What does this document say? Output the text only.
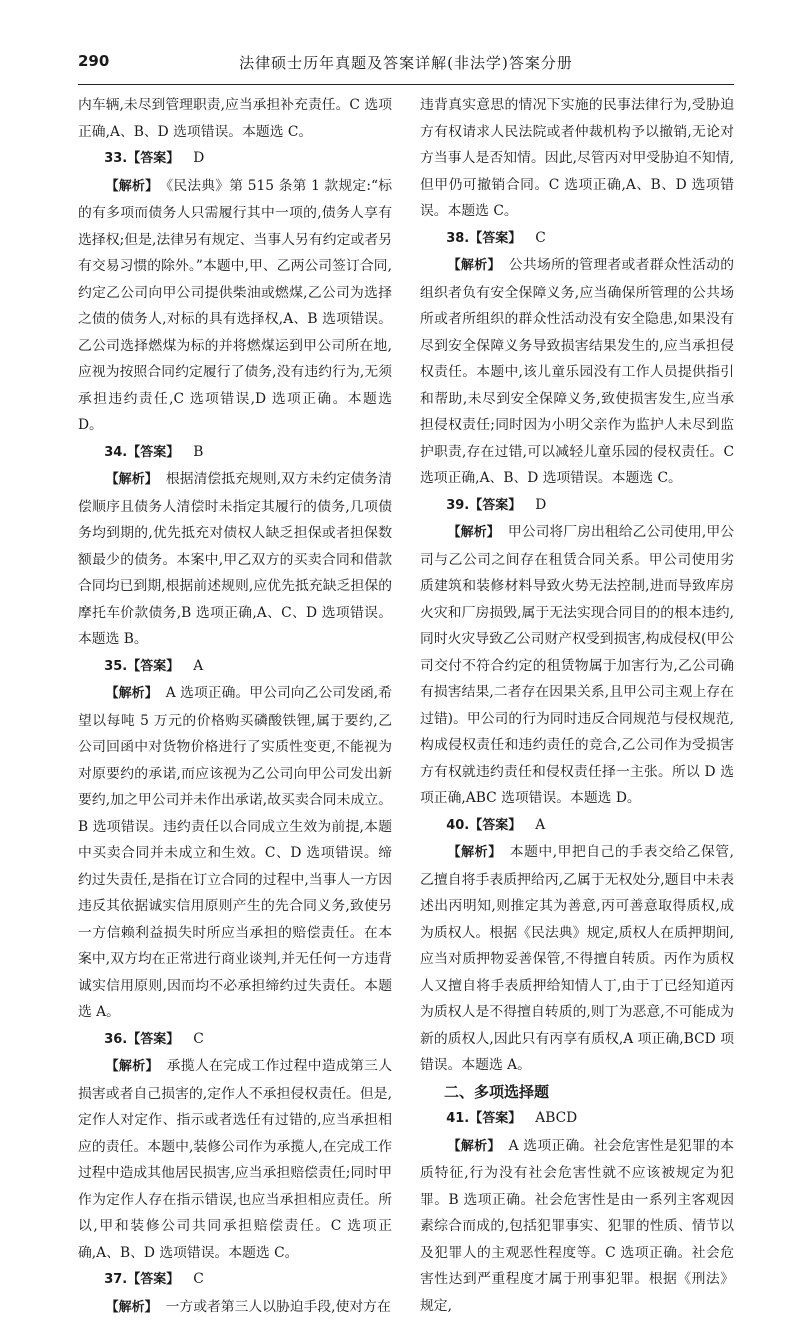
290	法律硕士历年真题及答案详解(非法学)答案分册

内车辆,未尽到管理职责,应当承担补充责任。C 选项正确,A、B、D 选项错误。本题选 C。

33.【答案】 D

【解析】 《民法典》第 515 条第 1 款规定:“标的有多项而债务人只需履行其中一项的,债务人享有选择权;但是,法律另有规定、当事人另有约定或者另有交易习惯的除外。”本题中,甲、乙两公司签订合同,约定乙公司向甲公司提供柴油或燃煤,乙公司为选择之债的债务人,对标的具有选择权,A、B 选项错误。乙公司选择燃煤为标的并将燃煤运到甲公司所在地,应视为按照合同约定履行了债务,没有违约行为,无须承担违约责任,C 选项错误,D 选项正确。本题选 D。

34.【答案】 B

【解析】 根据清偿抵充规则,双方未约定债务清偿顺序且债务人清偿时未指定其履行的债务,几项债务均到期的,优先抵充对债权人缺乏担保或者担保数额最少的债务。本案中,甲乙双方的买卖合同和借款合同均已到期,根据前述规则,应优先抵充缺乏担保的摩托车价款债务,B 选项正确,A、C、D 选项错误。本题选 B。

35.【答案】 A

【解析】 A 选项正确。甲公司向乙公司发函,希望以每吨 5 万元的价格购买磷酸铁锂,属于要约,乙公司回函中对货物价格进行了实质性变更,不能视为对原要约的承诺,而应该视为乙公司向甲公司发出新要约,加之甲公司并未作出承诺,故买卖合同未成立。B 选项错误。违约责任以合同成立生效为前提,本题中买卖合同并未成立和生效。C、D 选项错误。缔约过失责任,是指在订立合同的过程中,当事人一方因违反其依据诚实信用原则产生的先合同义务,致使另一方信赖利益损失时所应当承担的赔偿责任。在本案中,双方均在正常进行商业谈判,并无任何一方违背诚实信用原则,因而均不必承担缔约过失责任。本题选 A。

36.【答案】 C

【解析】 承揽人在完成工作过程中造成第三人损害或者自己损害的,定作人不承担侵权责任。但是,定作人对定作、指示或者选任有过错的,应当承担相应的责任。本题中,装修公司作为承揽人,在完成工作过程中造成其他居民损害,应当承担赔偿责任;同时甲作为定作人存在指示错误,也应当承担相应责任。所以,甲和装修公司共同承担赔偿责任。C 选项正确,A、B、D 选项错误。本题选 C。

37.【答案】 C

【解析】 一方或者第三人以胁迫手段,使对方在

违背真实意思的情况下实施的民事法律行为,受胁迫方有权请求人民法院或者仲裁机构予以撤销,无论对方当事人是否知情。因此,尽管丙对甲受胁迫不知情,但甲仍可撤销合同。C 选项正确,A、B、D 选项错误。本题选 C。

38.【答案】 C

【解析】 公共场所的管理者或者群众性活动的组织者负有安全保障义务,应当确保所管理的公共场所或者所组织的群众性活动没有安全隐患,如果没有尽到安全保障义务导致损害结果发生的,应当承担侵权责任。本题中,该儿童乐园没有工作人员提供指引和帮助,未尽到安全保障义务,致使损害发生,应当承担侵权责任;同时因为小明父亲作为监护人未尽到监护职责,存在过错,可以减轻儿童乐园的侵权责任。C 选项正确,A、B、D 选项错误。本题选 C。

39.【答案】 D

【解析】 甲公司将厂房出租给乙公司使用,甲公司与乙公司之间存在租赁合同关系。甲公司使用劣质建筑和装修材料导致火势无法控制,进而导致库房火灾和厂房损毁,属于无法实现合同目的的根本违约,同时火灾导致乙公司财产权受到损害,构成侵权(甲公司交付不符合约定的租赁物属于加害行为,乙公司确有损害结果,二者存在因果关系,且甲公司主观上存在过错)。甲公司的行为同时违反合同规范与侵权规范,构成侵权责任和违约责任的竞合,乙公司作为受损害方有权就违约责任和侵权责任择一主张。所以 D 选项正确,ABC 选项错误。本题选 D。

40.【答案】 A

【解析】 本题中,甲把自己的手表交给乙保管,乙擅自将手表质押给丙,乙属于无权处分,题目中未表述出丙明知,则推定其为善意,丙可善意取得质权,成为质权人。根据《民法典》规定,质权人在质押期间,应当对质押物妥善保管,不得擅自转质。丙作为质权人又擅自将手表质押给知情人丁,由于丁已经知道丙为质权人是不得擅自转质的,则丁为恶意,不可能成为新的质权人,因此只有丙享有质权,A 项正确,BCD 项错误。本题选 A。

二、多项选择题

41.【答案】 ABCD

【解析】 A 选项正确。社会危害性是犯罪的本质特征,行为没有社会危害性就不应该被规定为犯罪。B 选项正确。社会危害性是由一系列主客观因素综合而成的,包括犯罪事实、犯罪的性质、情节以及犯罪人的主观恶性程度等。C 选项正确。社会危害性达到严重程度才属于刑事犯罪。根据《刑法》规定,
